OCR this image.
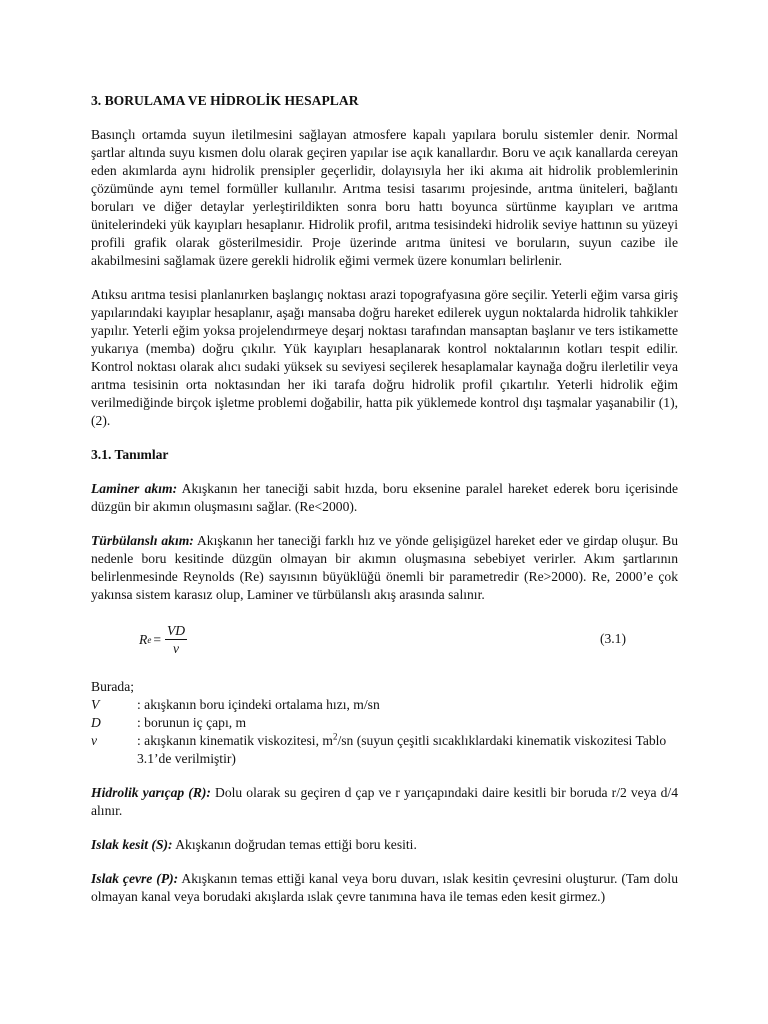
3. BORULAMA VE HİDROLİK HESAPLAR

Basınçlı ortamda suyun iletilmesini sağlayan atmosfere kapalı yapılara borulu sistemler denir. Normal şartlar altında suyu kısmen dolu olarak geçiren yapılar ise açık kanallardır. Boru ve açık kanallarda cereyan eden akımlarda aynı hidrolik prensipler geçerlidir, dolayısıyla her iki akıma ait hidrolik problemlerinin çözümünde aynı temel formüller kullanılır. Arıtma tesisi tasarımı projesinde, arıtma üniteleri, bağlantı boruları ve diğer detaylar yerleştirildikten sonra boru hattı boyunca sürtünme kayıpları ve arıtma ünitelerindeki yük kayıpları hesaplanır. Hidrolik profil, arıtma tesisindeki hidrolik seviye hattının su yüzeyi profili grafik olarak gösterilmesidir. Proje üzerinde arıtma ünitesi ve boruların, suyun cazibe ile akabilmesini sağlamak üzere gerekli hidrolik eğimi vermek üzere konumları belirlenir.

Atıksu arıtma tesisi planlanırken başlangıç noktası arazi topografyasına göre seçilir. Yeterli eğim varsa giriş yapılarındaki kayıplar hesaplanır, aşağı mansaba doğru hareket edilerek uygun noktalarda hidrolik tahkikler yapılır. Yeterli eğim yoksa projelendırmeye deşarj noktası tarafından mansaptan başlanır ve ters istikamette yukarıya (memba) doğru çıkılır. Yük kayıpları hesaplanarak kontrol noktalarının kotları tespit edilir. Kontrol noktası olarak alıcı sudaki yüksek su seviyesi seçilerek hesaplamalar kaynağa doğru ilerletilir veya arıtma tesisinin orta noktasından her iki tarafa doğru hidrolik profil çıkartılır. Yeterli hidrolik eğim verilmediğinde birçok işletme problemi doğabilir, hatta pik yüklemede kontrol dışı taşmalar yaşanabilir (1), (2).

3.1. Tanımlar

Laminer akım: Akışkanın her taneciği sabit hızda, boru eksenine paralel hareket ederek boru içerisinde düzgün bir akımın oluşmasını sağlar. (Re<2000).

Türbülanslı akım: Akışkanın her taneciği farklı hız ve yönde gelişigüzel hareket eder ve girdap oluşur. Bu nedenle boru kesitinde düzgün olmayan bir akımın oluşmasına sebebiyet verirler. Akım şartlarının belirlenmesinde Reynolds (Re) sayısının büyüklüğü önemli bir parametredir (Re>2000). Re, 2000’e çok yakınsa sistem karasız olup, Laminer ve türbülanslı akış arasında salınır.

R $e = \frac{VD}{\nu}$	(3.1)
Burada;
V	: akışkanın boru içindeki ortalama hızı, m/sn
D	: borunun iç çapı, m
ν	: akışkanın kinematik viskozitesi, $m^2/sn$ (suyun çeşitli sıcaklıklardaki kinematik viskozitesi Tablo 3.1’de verilmiştir)

Hidrolik yarıçap (R): Dolu olarak su geçiren d çap ve r yarıçapındaki daire kesitli bir boruda r/2 veya d/4 alınır.

Islak kesit (S): Akışkanın doğrudan temas ettiği boru kesiti.

Islak çevre (P): Akışkanın temas ettiği kanal veya boru duvarı, ıslak kesitin çevresini oluşturur. (Tam dolu olmayan kanal veya borudaki akışlarda ıslak çevre tanımına hava ile temas eden kesit girmez.)
